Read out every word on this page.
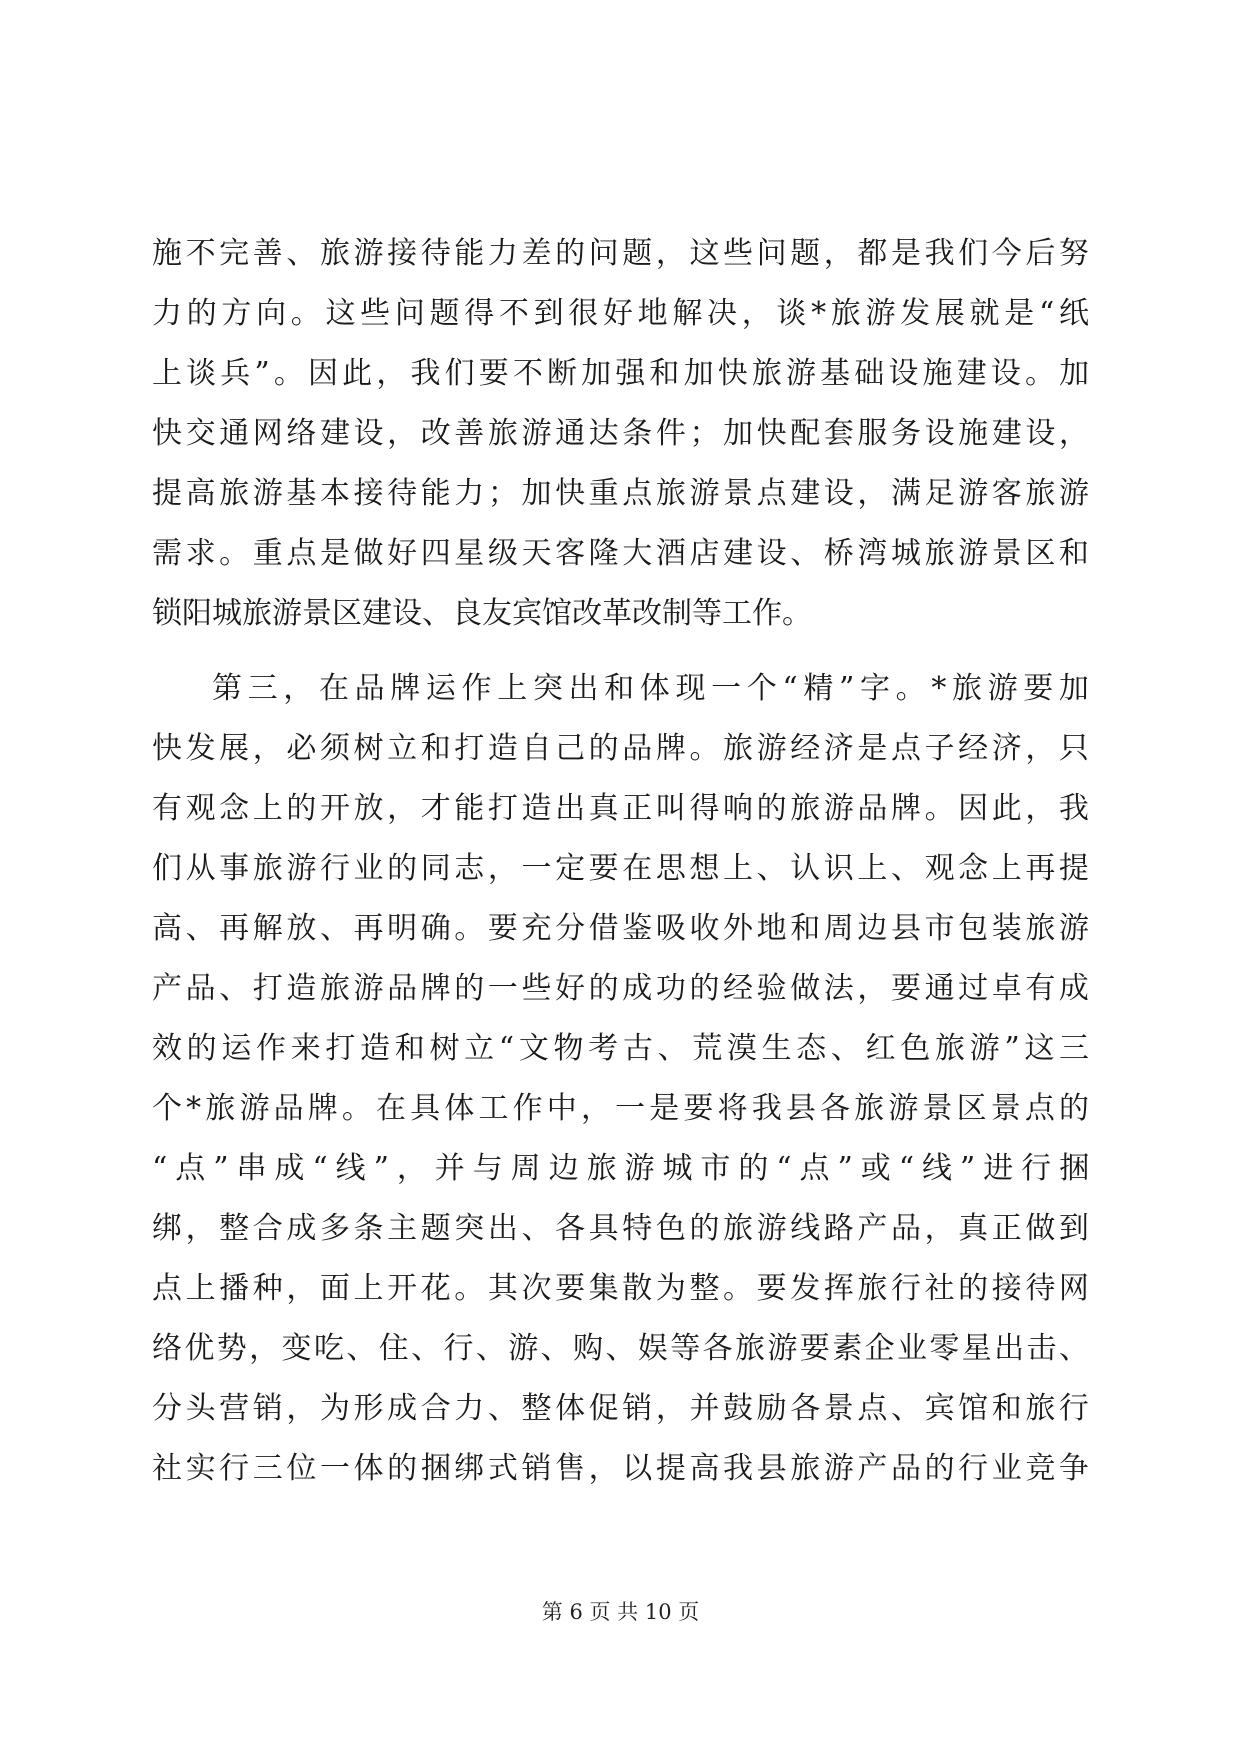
施不完善、旅游接待能力差的问题，这些问题，都是我们今后努
力的方向。这些问题得不到很好地解决，谈*旅游发展就是“纸
上谈兵”。因此，我们要不断加强和加快旅游基础设施建设。加
快交通网络建设，改善旅游通达条件；加快配套服务设施建设，
提高旅游基本接待能力；加快重点旅游景点建设，满足游客旅游
需求。重点是做好四星级天客隆大酒店建设、桥湾城旅游景区和
锁阳城旅游景区建设、良友宾馆改革改制等工作。
第三，在品牌运作上突出和体现一个“精”字。*旅游要加
快发展，必须树立和打造自己的品牌。旅游经济是点子经济，只
有观念上的开放，才能打造出真正叫得响的旅游品牌。因此，我
们从事旅游行业的同志，一定要在思想上、认识上、观念上再提
高、再解放、再明确。要充分借鉴吸收外地和周边县市包装旅游
产品、打造旅游品牌的一些好的成功的经验做法，要通过卓有成
效的运作来打造和树立“文物考古、荒漠生态、红色旅游”这三
个*旅游品牌。在具体工作中，一是要将我县各旅游景区景点的
“点”串成“线”，并与周边旅游城市的“点”或“线”进行捆
绑，整合成多条主题突出、各具特色的旅游线路产品，真正做到
点上播种，面上开花。其次要集散为整。要发挥旅行社的接待网
络优势，变吃、住、行、游、购、娱等各旅游要素企业零星出击、
分头营销，为形成合力、整体促销，并鼓励各景点、宾馆和旅行
社实行三位一体的捆绑式销售，以提高我县旅游产品的行业竞争
第 6 页 共 10 页
